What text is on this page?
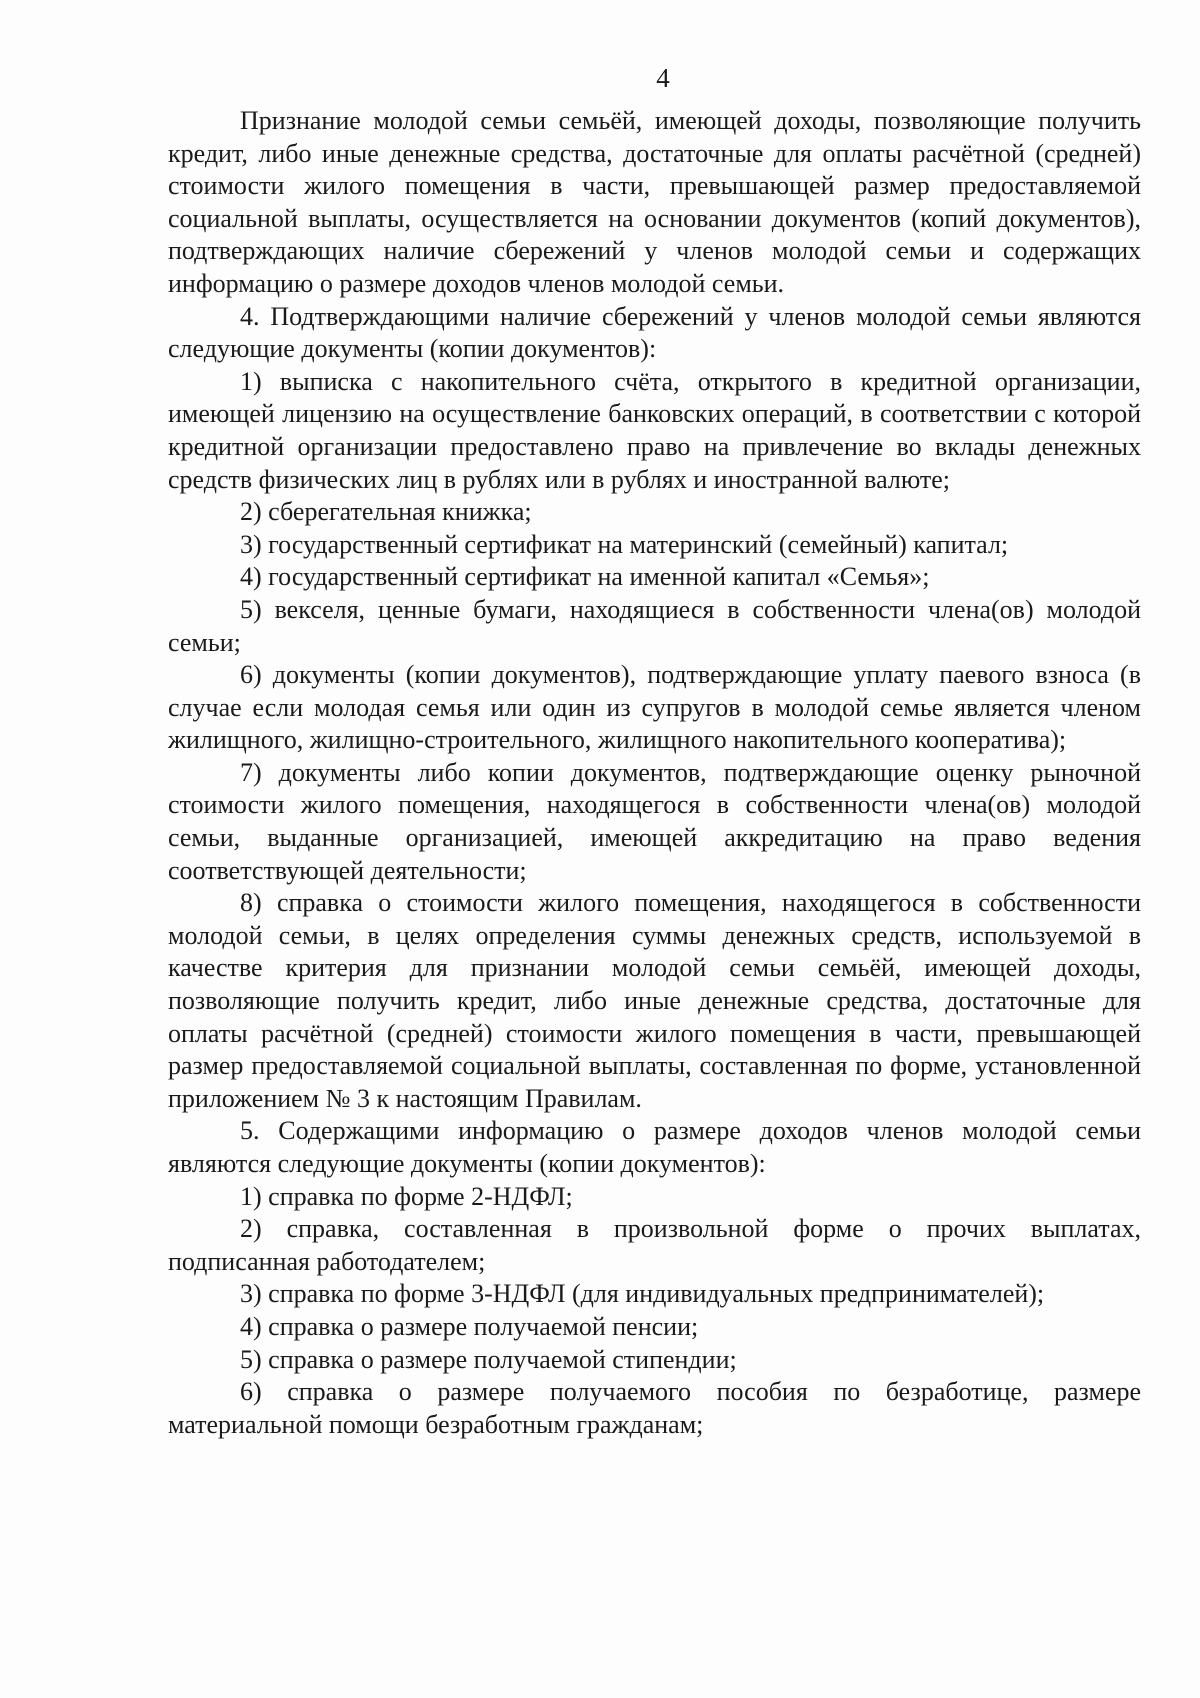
4

Признание молодой семьи семьёй, имеющей доходы, позволяющие получить кредит, либо иные денежные средства, достаточные для оплаты расчётной (средней) стоимости жилого помещения в части, превышающей размер предоставляемой социальной выплаты, осуществляется на основании документов (копий документов), подтверждающих наличие сбережений у членов молодой семьи и содержащих информацию о размере доходов членов молодой семьи.

4. Подтверждающими наличие сбережений у членов молодой семьи являются следующие документы (копии документов):

1) выписка с накопительного счёта, открытого в кредитной организации, имеющей лицензию на осуществление банковских операций, в соответствии с которой кредитной организации предоставлено право на привлечение во вклады денежных средств физических лиц в рублях или в рублях и иностранной валюте;

2) сберегательная книжка;

3) государственный сертификат на материнский (семейный) капитал;

4) государственный сертификат на именной капитал «Семья»;

5) векселя, ценные бумаги, находящиеся в собственности члена(ов) молодой семьи;

6) документы (копии документов), подтверждающие уплату паевого взноса (в случае если молодая семья или один из супругов в молодой семье является членом жилищного, жилищно-строительного, жилищного накопительного кооператива);

7) документы либо копии документов, подтверждающие оценку рыночной стоимости жилого помещения, находящегося в собственности члена(ов) молодой семьи, выданные организацией, имеющей аккредитацию на право ведения соответствующей деятельности;

8) справка о стоимости жилого помещения, находящегося в собственности молодой семьи, в целях определения суммы денежных средств, используемой в качестве критерия для признании молодой семьи семьёй, имеющей доходы, позволяющие получить кредит, либо иные денежные средства, достаточные для оплаты расчётной (средней) стоимости жилого помещения в части, превышающей размер предоставляемой социальной выплаты, составленная по форме, установленной приложением № 3 к настоящим Правилам.

5. Содержащими информацию о размере доходов членов молодой семьи являются следующие документы (копии документов):

1) справка по форме 2-НДФЛ;

2) справка, составленная в произвольной форме о прочих выплатах, подписанная работодателем;

3) справка по форме 3-НДФЛ (для индивидуальных предпринимателей);

4) справка о размере получаемой пенсии;

5) справка о размере получаемой стипендии;

6) справка о размере получаемого пособия по безработице, размере материальной помощи безработным гражданам;
